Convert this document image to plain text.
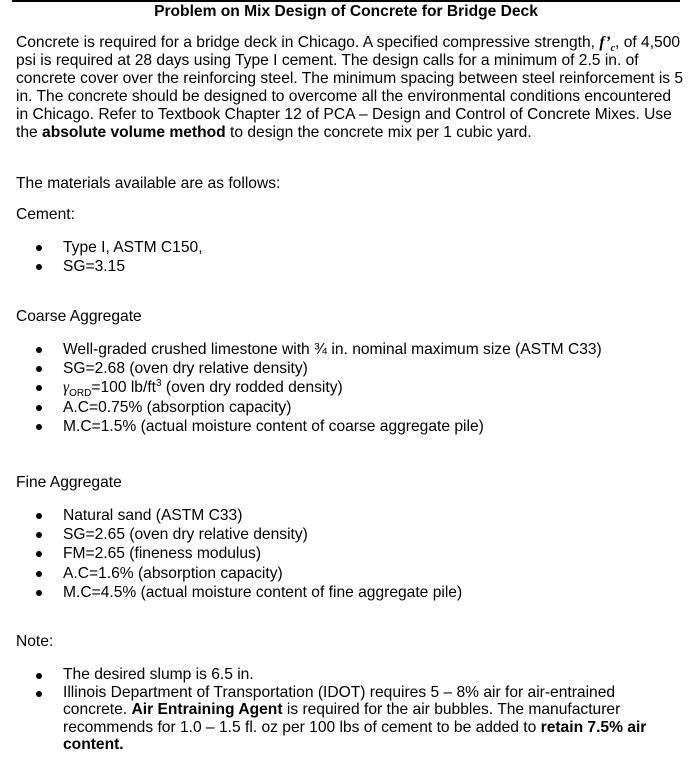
Problem on Mix Design of Concrete for Bridge Deck

Concrete is required for a bridge deck in Chicago. A specified compressive strength, $f’_c$, of 4,500 psi is required at 28 days using Type I cement. The design calls for a minimum of 2.5 in. of concrete cover over the reinforcing steel. The minimum spacing between steel reinforcement is 5 in. The concrete should be designed to overcome all the environmental conditions encountered in Chicago. Refer to Textbook Chapter 12 of PCA – Design and Control of Concrete Mixes. Use the absolute volume method to design the concrete mix per 1 cubic yard.

The materials available are as follows:

Cement:

Type I, ASTM C150,
SG=3.15

Coarse Aggregate

Well-graded crushed limestone with ¾ in. nominal maximum size (ASTM C33)
SG=2.68 (oven dry relative density)
$\gamma_{ORD}=100$ $lb/ft^3$ (oven dry rodded density)
A.C=0.75% (absorption capacity)
M.C=1.5% (actual moisture content of coarse aggregate pile)

Fine Aggregate

Natural sand (ASTM C33)
SG=2.65 (oven dry relative density)
FM=2.65 (fineness modulus)
A.C=1.6% (absorption capacity)
M.C=4.5% (actual moisture content of fine aggregate pile)

Note:

The desired slump is 6.5 in.
Illinois Department of Transportation (IDOT) requires 5 – 8% air for air-entrained concrete. Air Entraining Agent is required for the air bubbles. The manufacturer recommends for 1.0 – 1.5 fl. oz per 100 lbs of cement to be added to retain 7.5% air content.
